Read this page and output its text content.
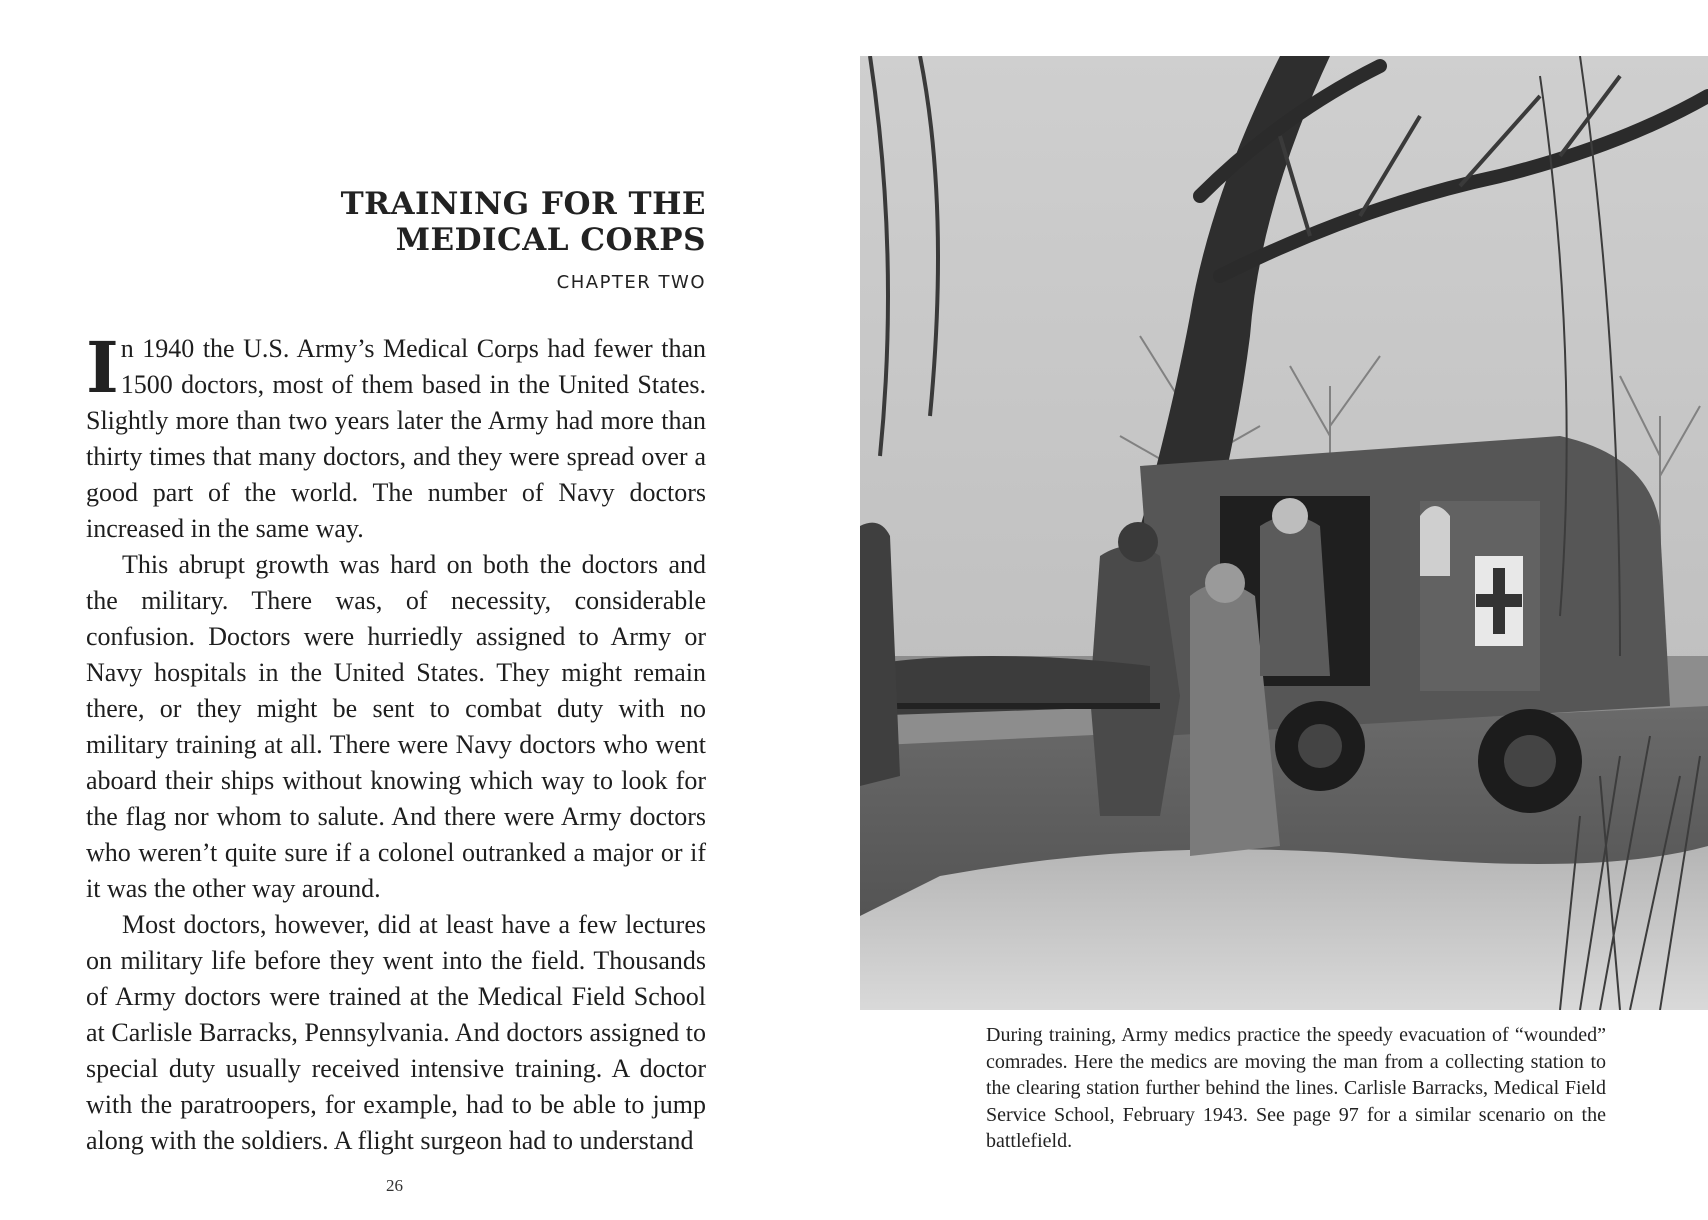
TRAINING FOR THE
MEDICAL CORPS
CHAPTER TWO

In 1940 the U.S. Army’s Medical Corps had fewer than 1500 doctors, most of them based in the United States. Slightly more than two years later the Army had more than thirty times that many doctors, and they were spread over a good part of the world. The number of Navy doctors increased in the same way.

This abrupt growth was hard on both the doctors and the military. There was, of necessity, considerable confusion. Doctors were hurriedly assigned to Army or Navy hospitals in the United States. They might remain there, or they might be sent to combat duty with no military training at all. There were Navy doctors who went aboard their ships without knowing which way to look for the flag nor whom to salute. And there were Army doctors who weren’t quite sure if a colonel outranked a major or if it was the other way around.

Most doctors, however, did at least have a few lectures on military life before they went into the field. Thousands of Army doctors were trained at the Medical Field School at Carlisle Barracks, Pennsylvania. And doctors assigned to special duty usually received intensive training. A doctor with the paratroopers, for example, had to be able to jump along with the soldiers. A flight surgeon had to understand

26
During training, Army medics practice the speedy evacuation of “wounded” comrades. Here the medics are moving the man from a collecting station to the clearing station further behind the lines. Carlisle Barracks, Medical Field Service School, February 1943. See page 97 for a similar scenario on the battlefield.
